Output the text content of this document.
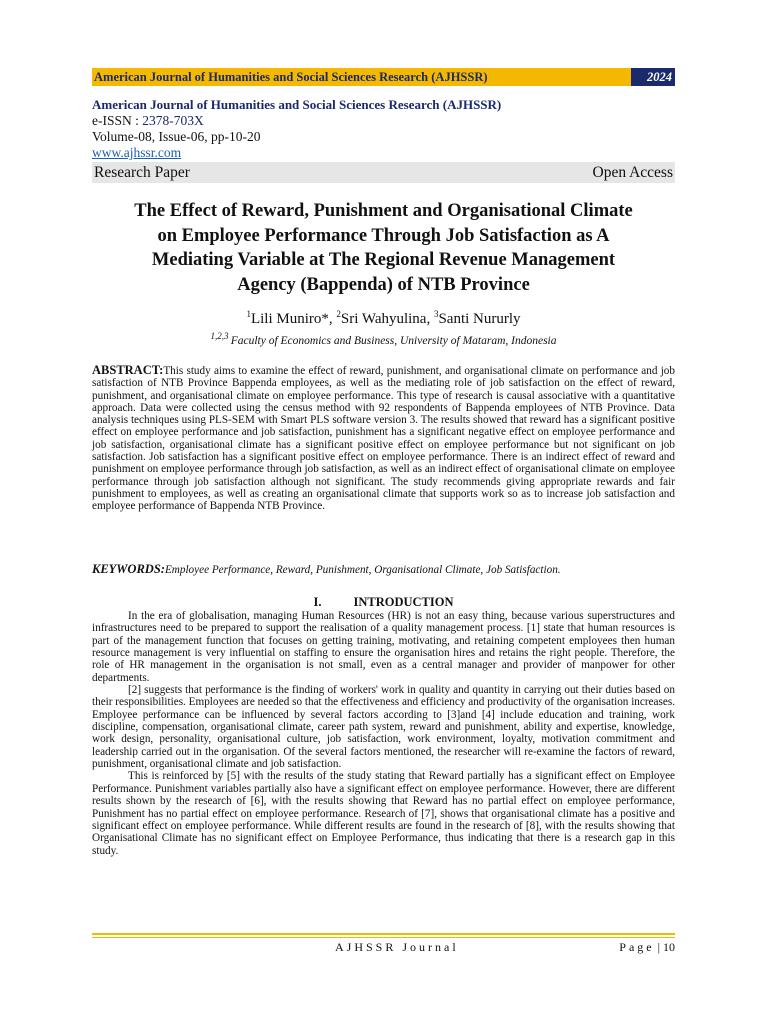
American Journal of Humanities and Social Sciences Research (AJHSSR)	2024
American Journal of Humanities and Social Sciences Research (AJHSSR)
e-ISSN : 2378-703X
Volume-08, Issue-06, pp-10-20
www.ajhssr.com
Research Paper	Open Access
The Effect of Reward, Punishment and Organisational Climate
on Employee Performance Through Job Satisfaction as A
Mediating Variable at The Regional Revenue Management
Agency (Bappenda) of NTB Province
$^1$Lili Muniro*, $^2$Sri Wahyulina, $^3$Santi Nururly
$^{1,2,3}$ Faculty of Economics and Business, University of Mataram, Indonesia
ABSTRACT:This study aims to examine the effect of reward, punishment, and organisational climate on performance and job satisfaction of NTB Province Bappenda employees, as well as the mediating role of job satisfaction on the effect of reward, punishment, and organisational climate on employee performance. This type of research is causal associative with a quantitative approach. Data were collected using the census method with 92 respondents of Bappenda employees of NTB Province. Data analysis techniques using PLS-SEM with Smart PLS software version 3. The results showed that reward has a significant positive effect on employee performance and job satisfaction, punishment has a significant negative effect on employee performance and job satisfaction, organisational climate has a significant positive effect on employee performance but not significant on job satisfaction. Job satisfaction has a significant positive effect on employee performance. There is an indirect effect of reward and punishment on employee performance through job satisfaction, as well as an indirect effect of organisational climate on employee performance through job satisfaction although not significant. The study recommends giving appropriate rewards and fair punishment to employees, as well as creating an organisational climate that supports work so as to increase job satisfaction and employee performance of Bappenda NTB Province.
KEYWORDS:Employee Performance, Reward, Punishment, Organisational Climate, Job Satisfaction.
I.	INTRODUCTION

In the era of globalisation, managing Human Resources (HR) is not an easy thing, because various superstructures and infrastructures need to be prepared to support the realisation of a quality management process. [1] state that human resources is part of the management function that focuses on getting training, motivating, and retaining competent employees then human resource management is very influential on staffing to ensure the organisation hires and retains the right people. Therefore, the role of HR management in the organisation is not small, even as a central manager and provider of manpower for other departments.

[2] suggests that performance is the finding of workers' work in quality and quantity in carrying out their duties based on their responsibilities. Employees are needed so that the effectiveness and efficiency and productivity of the organisation increases. Employee performance can be influenced by several factors according to [3]and [4] include education and training, work discipline, compensation, organisational climate, career path system, reward and punishment, ability and expertise, knowledge, work design, personality, organisational culture, job satisfaction, work environment, loyalty, motivation commitment and leadership carried out in the organisation. Of the several factors mentioned, the researcher will re-examine the factors of reward, punishment, organisational climate and job satisfaction.

This is reinforced by [5] with the results of the study stating that Reward partially has a significant effect on Employee Performance. Punishment variables partially also have a significant effect on employee performance. However, there are different results shown by the research of [6], with the results showing that Reward has no partial effect on employee performance, Punishment has no partial effect on employee performance. Research of [7], shows that organisational climate has a positive and significant effect on employee performance. While different results are found in the research of [8], with the results showing that Organisational Climate has no significant effect on Employee Performance, thus indicating that there is a research gap in this study.

AJHSSR Journal	Page | 10
